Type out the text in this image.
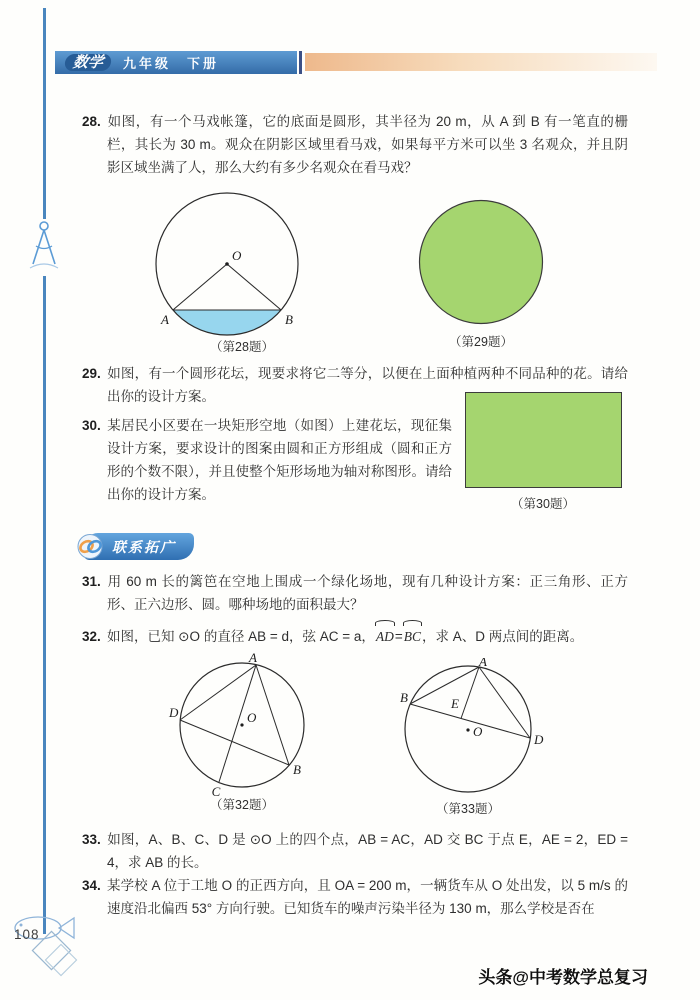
数学	九年级　下册
28. 如图，有一个马戏帐篷，它的底面是圆形，其半径为 20 m，从 A 到 B 有一笔直的栅栏，其长为 30 m。观众在阴影区域里看马戏，如果每平方米可以坐 3 名观众，并且阴影区域坐满了人，那么大约有多少名观众在看马戏？
O
A	B
（第28题）	（第29题）
29. 如图，有一个圆形花坛，现要求将它二等分，以便在上面种植两种不同品种的花。请给出你的设计方案。
30. 某居民小区要在一块矩形空地（如图）上建花坛，现征集设计方案，要求设计的图案由圆和正方形组成（圆和正方形的个数不限），并且使整个矩形场地为轴对称图形。请给出你的设计方案。
（第30题）
联系拓广
31. 用 60 m 长的篱笆在空地上围成一个绿化场地，现有几种设计方案：正三角形、正方形、正六边形、圆。哪种场地的面积最大？
32. 如图，已知 ⊙O 的直径 AB = d，弦 AC = a，AD=BC，求 A、D 两点间的距离。
A
D
C
B
O
（第32题）
A
B	E
D
O
（第33题）
33. 如图，A、B、C、D 是 ⊙O 上的四个点，AB = AC，AD 交 BC 于点 E，AE = 2，ED = 4，求 AB 的长。
34. 某学校 A 位于工地 O 的正西方向，且 OA = 200 m，一辆货车从 O 处出发，以 5 m/s 的速度沿北偏西 53° 方向行驶。已知货车的噪声污染半径为 130 m，那么学校是否在
108
头条@中考数学总复习
